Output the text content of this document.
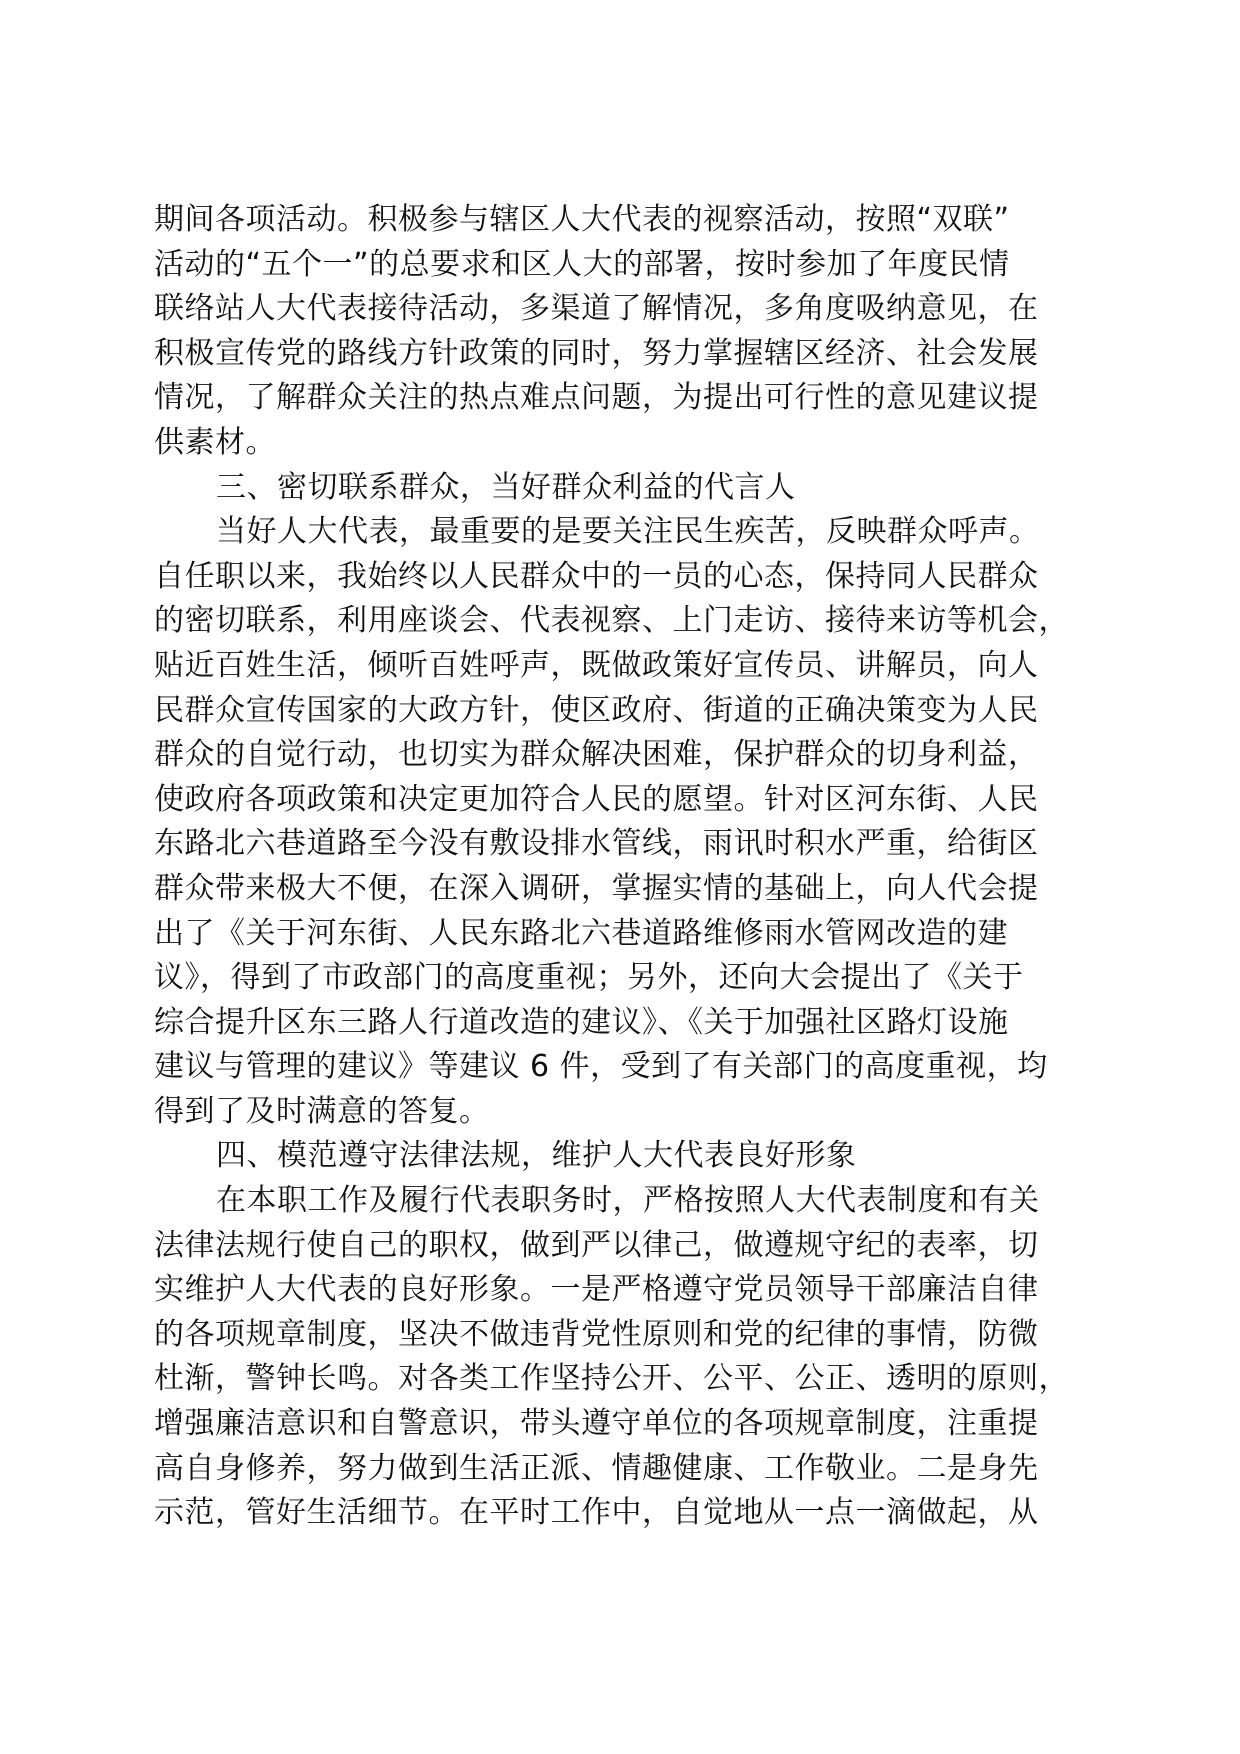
期间各项活动。积极参与辖区人大代表的视察活动，按照“双联”
活动的“五个一”的总要求和区人大的部署，按时参加了年度民情
联络站人大代表接待活动，多渠道了解情况，多角度吸纳意见，在
积极宣传党的路线方针政策的同时，努力掌握辖区经济、社会发展
情况，了解群众关注的热点难点问题，为提出可行性的意见建议提
供素材。
三、密切联系群众，当好群众利益的代言人
当好人大代表，最重要的是要关注民生疾苦，反映群众呼声。
自任职以来，我始终以人民群众中的一员的心态，保持同人民群众
的密切联系，利用座谈会、代表视察、上门走访、接待来访等机会，
贴近百姓生活，倾听百姓呼声，既做政策好宣传员、讲解员，向人
民群众宣传国家的大政方针，使区政府、街道的正确决策变为人民
群众的自觉行动，也切实为群众解决困难，保护群众的切身利益，
使政府各项政策和决定更加符合人民的愿望。针对区河东街、人民
东路北六巷道路至今没有敷设排水管线，雨讯时积水严重，给街区
群众带来极大不便，在深入调研，掌握实情的基础上，向人代会提
出了《关于河东街、人民东路北六巷道路维修雨水管网改造的建
议》，得到了市政部门的高度重视；另外，还向大会提出了《关于
综合提升区东三路人行道改造的建议》、《关于加强社区路灯设施
建议与管理的建议》等建议 6 件，受到了有关部门的高度重视，均
得到了及时满意的答复。
四、模范遵守法律法规，维护人大代表良好形象
在本职工作及履行代表职务时，严格按照人大代表制度和有关
法律法规行使自己的职权，做到严以律己，做遵规守纪的表率，切
实维护人大代表的良好形象。一是严格遵守党员领导干部廉洁自律
的各项规章制度，坚决不做违背党性原则和党的纪律的事情，防微
杜渐，警钟长鸣。对各类工作坚持公开、公平、公正、透明的原则，
增强廉洁意识和自警意识，带头遵守单位的各项规章制度，注重提
高自身修养，努力做到生活正派、情趣健康、工作敬业。二是身先
示范，管好生活细节。在平时工作中，自觉地从一点一滴做起，从
